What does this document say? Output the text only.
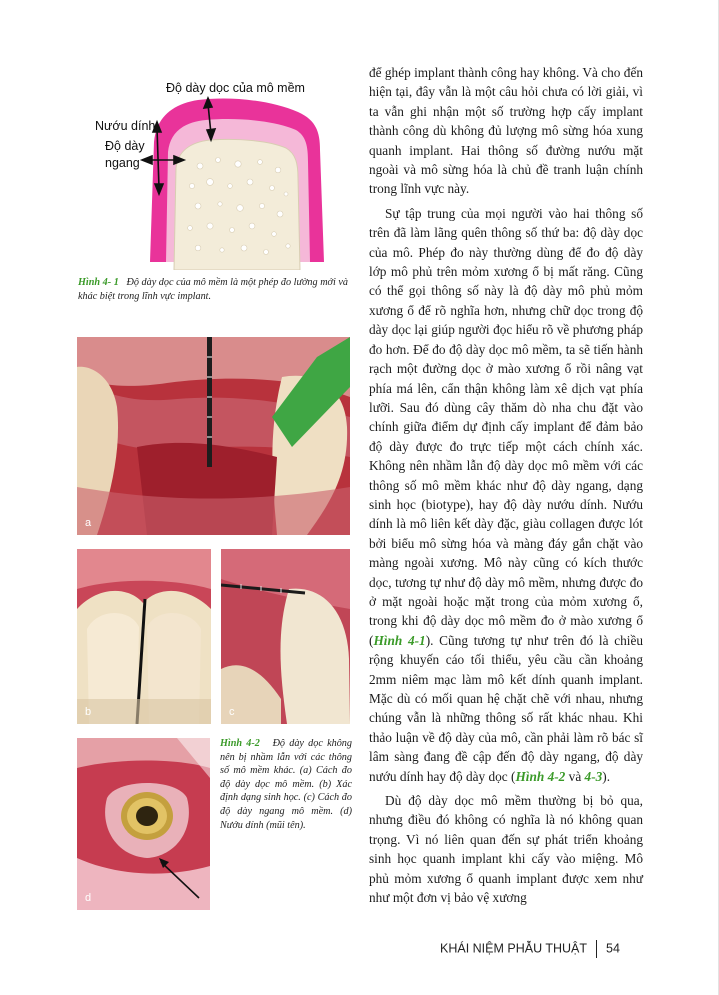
Độ dày dọc của mô mềm
Nướu dính
Độ dày
ngang
Hình 4- 1 Độ dày dọc của mô mềm là một phép đo lường mới và khác biệt trong lĩnh vực implant.
a
b	c
d
Hình 4-2 Độ dày dọc không nên bị nhầm lẫn với các thông số mô mềm khác. (a) Cách đo độ dày dọc mô mềm. (b) Xác định dạng sinh học. (c) Cách đo độ dày ngang mô mềm. (d) Nướu dính (mũi tên).

để ghép implant thành công hay không. Và cho đến hiện tại, đây vẫn là một câu hỏi chưa có lời giải, vì ta vẫn ghi nhận một số trường hợp cấy implant thành công dù không đủ lượng mô sừng hóa xung quanh implant. Hai thông số đường nướu mặt ngoài và mô sừng hóa là chủ đề tranh luận chính trong lĩnh vực này.

Sự tập trung của mọi người vào hai thông số trên đã làm lãng quên thông số thứ ba: độ dày dọc của mô. Phép đo này thường dùng để đo độ dày lớp mô phủ trên mỏm xương ổ bị mất răng. Cũng có thể gọi thông số này là độ dày mô phủ mỏm xương ổ để rõ nghĩa hơn, nhưng chữ dọc trong độ dày dọc lại giúp người đọc hiểu rõ về phương pháp đo hơn. Để đo độ dày dọc mô mềm, ta sẽ tiến hành rạch một đường dọc ở mào xương ổ rồi nâng vạt phía má lên, cẩn thận không làm xê dịch vạt phía lưỡi. Sau đó dùng cây thăm dò nha chu đặt vào chính giữa điểm dự định cấy implant để đảm bảo độ dày được đo trực tiếp một cách chính xác. Không nên nhầm lẫn độ dày dọc mô mềm với các thông số mô mềm khác như độ dày ngang, dạng sinh học (biotype), hay độ dày nướu dính. Nướu dính là mô liên kết dày đặc, giàu collagen được lót bởi biểu mô sừng hóa và màng đáy gắn chặt vào màng ngoài xương. Mô này cũng có kích thước dọc, tương tự như độ dày mô mềm, nhưng được đo ở mặt ngoài hoặc mặt trong của mỏm xương ổ, trong khi độ dày dọc mô mềm đo ở mào xương ổ (Hình 4-1). Cũng tương tự như trên đó là chiều rộng khuyến cáo tối thiểu, yêu cầu cần khoảng 2mm niêm mạc làm mô kết dính quanh implant. Mặc dù có mối quan hệ chặt chẽ với nhau, nhưng chúng vẫn là những thông số rất khác nhau. Khi thảo luận về độ dày của mô, cần phải làm rõ bác sĩ lâm sàng đang đề cập đến độ dày ngang, độ dày nướu dính hay độ dày dọc (Hình 4-2 và 4-3).

Dù độ dày dọc mô mềm thường bị bỏ qua, nhưng điều đó không có nghĩa là nó không quan trọng. Vì nó liên quan đến sự phát triển khoảng sinh học quanh implant khi cấy vào miệng. Mô phủ mỏm xương ổ quanh implant được xem như như một đơn vị bảo vệ xương

KHÁI NIỆM PHẪU THUẬT 54
